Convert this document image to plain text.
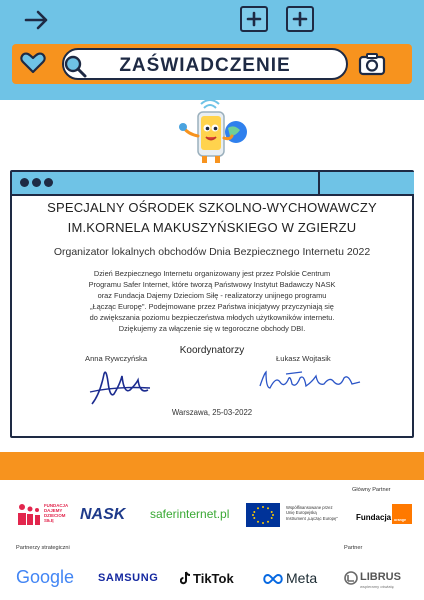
ZAŚWIADCZENIE
SPECJALNY OŚRODEK SZKOLNO-WYCHOWAWCZY
IM.KORNELA MAKUSZYŃSKIEGO W ZGIERZU
Organizator lokalnych obchodów Dnia Bezpiecznego Internetu 2022
Dzień Bezpiecznego Internetu organizowany jest przez Polskie Centrum
Programu Safer Internet, które tworzą Państwowy Instytut Badawczy NASK
oraz Fundacja Dajemy Dzieciom Siłę - realizatorzy unijnego programu
„Łącząc Europę". Podejmowane przez Państwa inicjatywy przyczyniają się
do zwiększania poziomu bezpieczeństwa młodych użytkowników internetu.
Dziękujemy za włączenie się w tegoroczne obchody DBI.
Koordynatorzy
Anna Rywczyńska	Łukasz Wojtasik
Warszawa, 25-03-2022
Główny Partner
FUNDACJA
DAJEMY
DZIECIOM
SIŁĘ	NASK saferinternet.pl	Współfinansowane przez
Unię Europejską
Instrument „Łącząc Europę" Fundacja orange
Partnerzy strategiczni	Partner
Google SAMSUNG	TikTok	Meta	LIBRUS
wspieramy oświatę
